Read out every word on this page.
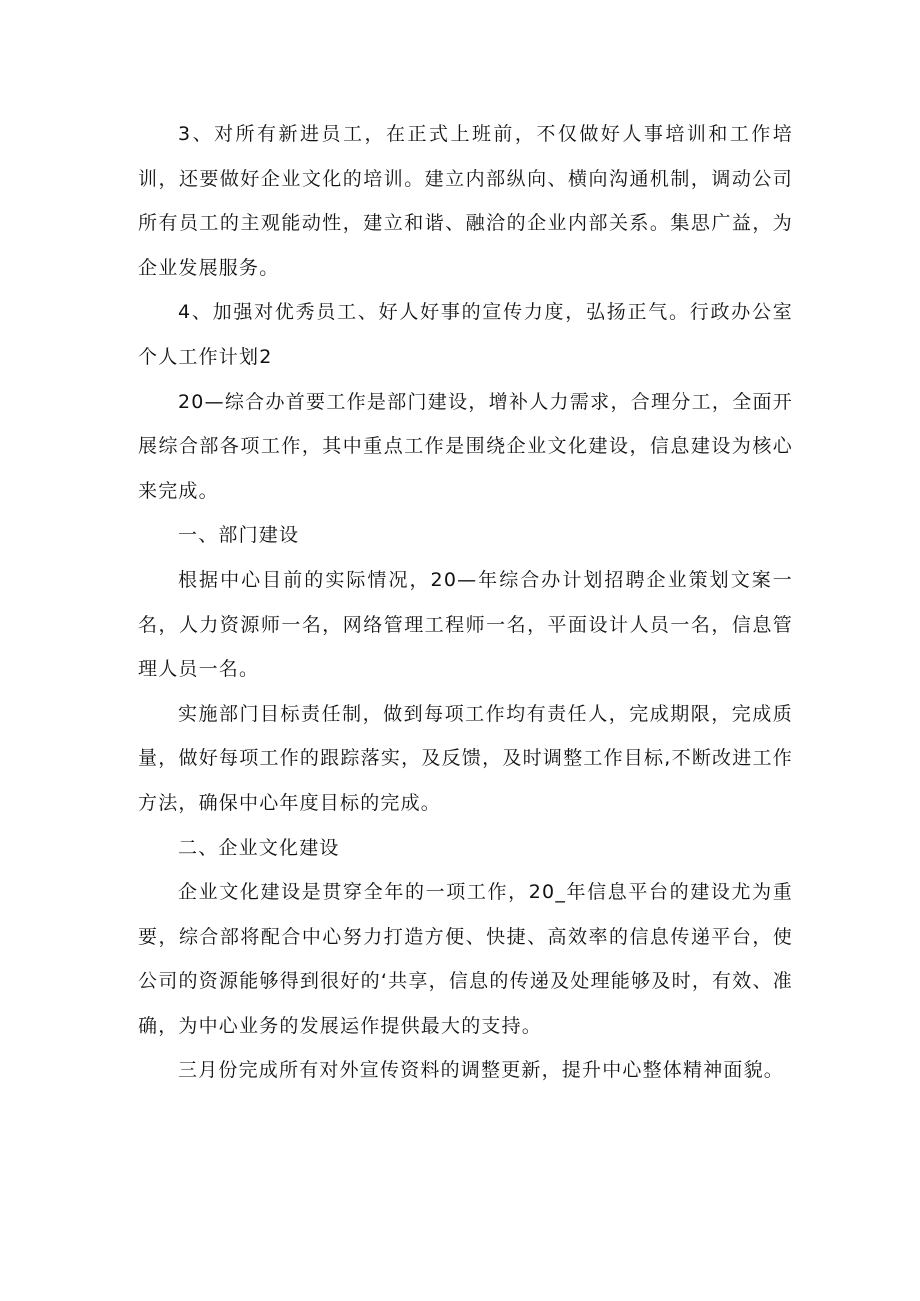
3、对所有新进员工，在正式上班前，不仅做好人事培训和工作培训，还要做好企业文化的培训。建立内部纵向、横向沟通机制，调动公司所有员工的主观能动性，建立和谐、融洽的企业内部关系。集思广益，为企业发展服务。

4、加强对优秀员工、好人好事的宣传力度，弘扬正气。行政办公室个人工作计划2

20—综合办首要工作是部门建设，增补人力需求，合理分工，全面开展综合部各项工作，其中重点工作是围绕企业文化建设，信息建设为核心来完成。

一、部门建设

根据中心目前的实际情况，20—年综合办计划招聘企业策划文案一名，人力资源师一名，网络管理工程师一名，平面设计人员一名，信息管理人员一名。

实施部门目标责任制，做到每项工作均有责任人，完成期限，完成质量，做好每项工作的跟踪落实，及反馈，及时调整工作目标,不断改进工作方法，确保中心年度目标的完成。

二、企业文化建设

企业文化建设是贯穿全年的一项工作，20_年信息平台的建设尤为重要，综合部将配合中心努力打造方便、快捷、高效率的信息传递平台，使公司的资源能够得到很好的‘共享，信息的传递及处理能够及时，有效、准确，为中心业务的发展运作提供最大的支持。

三月份完成所有对外宣传资料的调整更新，提升中心整体精神面貌。
